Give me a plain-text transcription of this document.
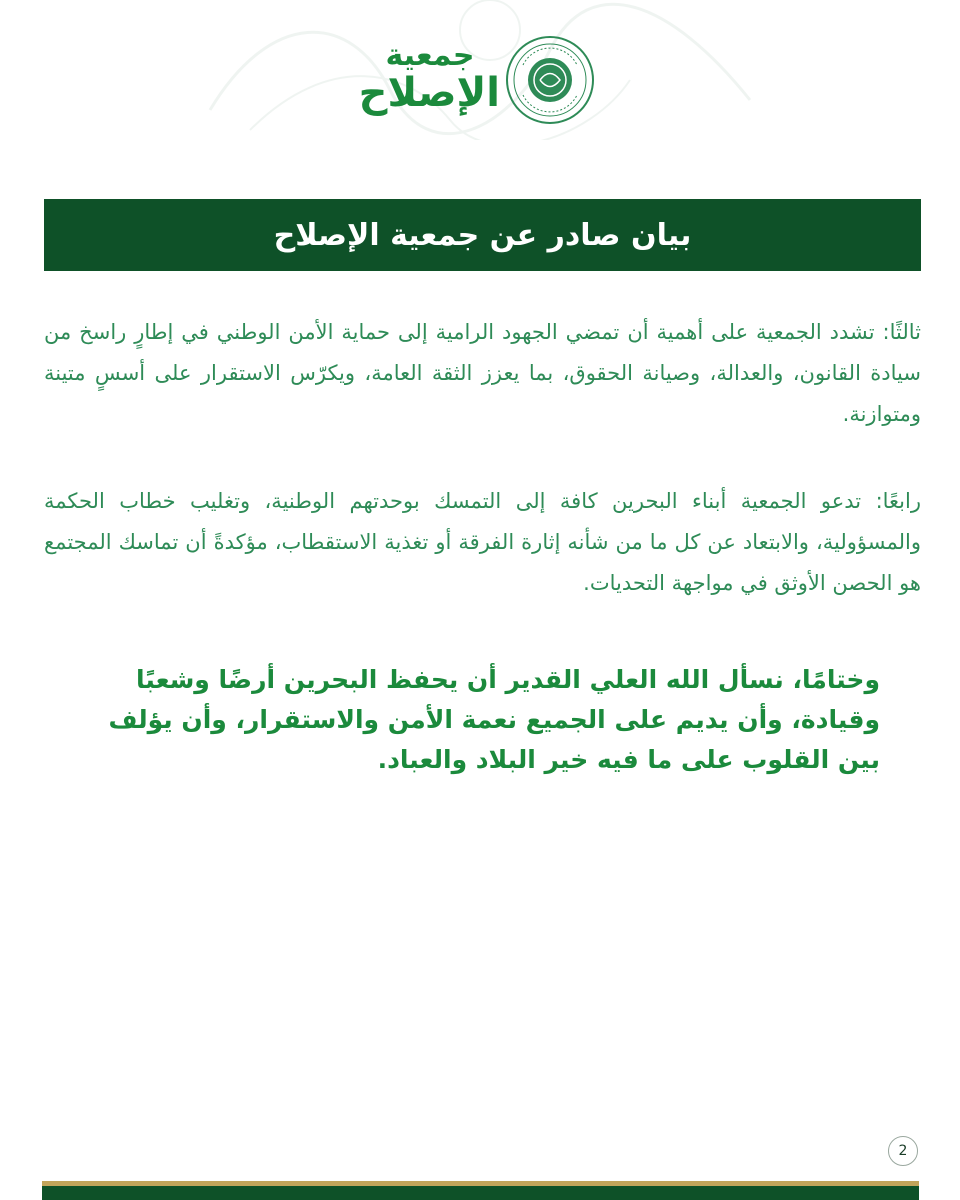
جمعية
الإصلاح
بيان صادر عن جمعية الإصلاح

ثالثًا: تشدد الجمعية على أهمية أن تمضي الجهود الرامية إلى حماية الأمن الوطني في إطارٍ راسخ من سيادة القانون، والعدالة، وصيانة الحقوق، بما يعزز الثقة العامة، ويكرّس الاستقرار على أسسٍ متينة ومتوازنة.

رابعًا: تدعو الجمعية أبناء البحرين كافة إلى التمسك بوحدتهم الوطنية، وتغليب خطاب الحكمة والمسؤولية، والابتعاد عن كل ما من شأنه إثارة الفرقة أو تغذية الاستقطاب، مؤكدةً أن تماسك المجتمع هو الحصن الأوثق في مواجهة التحديات.

وختامًا، نسأل الله العلي القدير أن يحفظ البحرين أرضًا وشعبًا وقيادة، وأن يديم على الجميع نعمة الأمن والاستقرار، وأن يؤلف بين القلوب على ما فيه خير البلاد والعباد.

2
